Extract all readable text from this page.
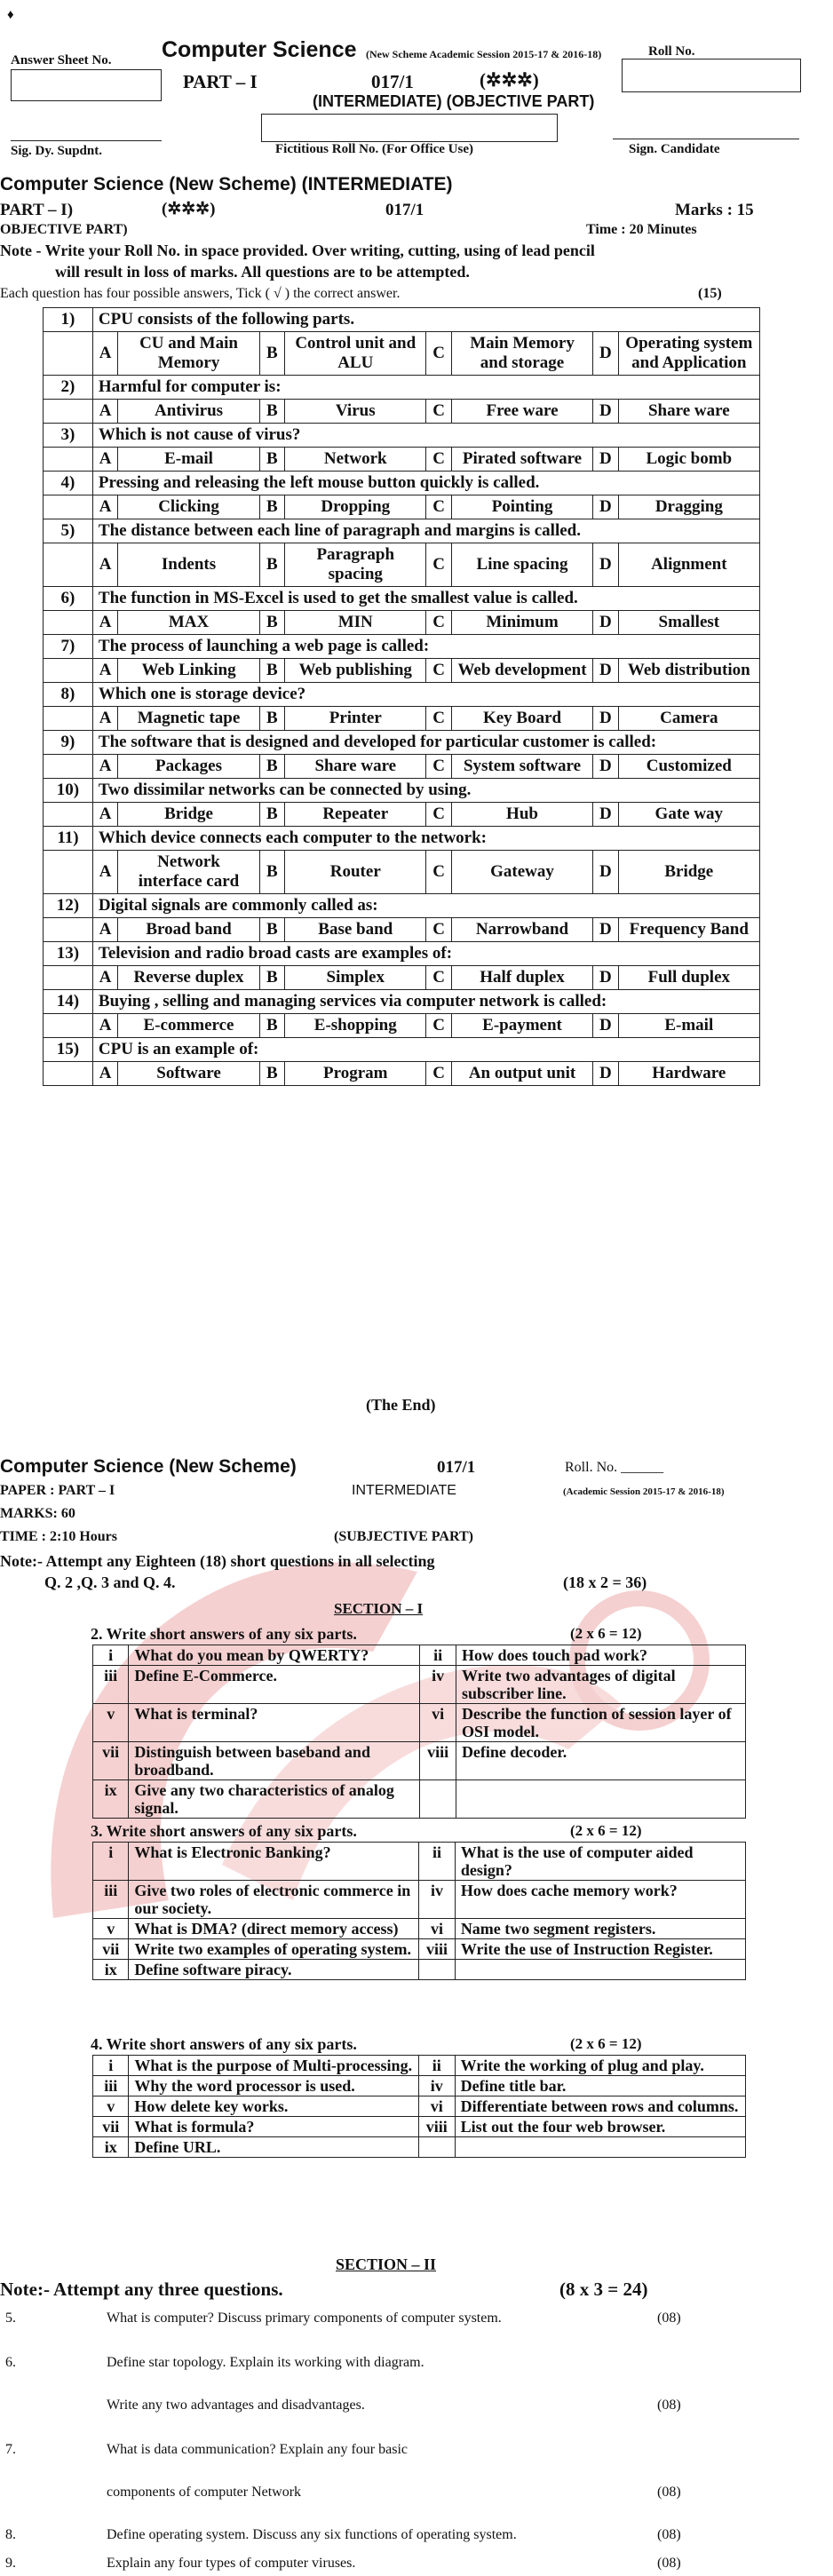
♦
Answer Sheet No. Computer Science (New Scheme Academic Session 2015-17 & 2016-18)	Roll No.
PART – I	017/1	(✲✲✲)
(INTERMEDIATE) (OBJECTIVE PART)
Sig. Dy. Supdnt.	Fictitious Roll No. (For Office Use)	Sign. Candidate
Computer Science (New Scheme) (INTERMEDIATE)
PART – I)	(✲✲✲)	017/1	Marks : 15
OBJECTIVE PART)	Time : 20 Minutes
Note - Write your Roll No. in space provided. Over writing, cutting, using of lead pencil
will result in loss of marks. All questions are to be attempted.
Each question has four possible answers, Tick ( √ ) the correct answer.	(15)
1)	CPU consists of the following parts.							
	A	CU and Main Memory	B	Control unit and ALU	C	Main Memory and storage	D	Operating system and Application
2)	Harmful for computer is:							
	A	Antivirus	B	Virus	C	Free ware	D	Share ware
3)	Which is not cause of virus?							
	A	E-mail	B	Network	C	Pirated software	D	Logic bomb
4)	Pressing and releasing the left mouse button quickly is called.							
	A	Clicking	B	Dropping	C	Pointing	D	Dragging
5)	The distance between each line of paragraph and margins is called.							
	A	Indents	B	Paragraph spacing	C	Line spacing	D	Alignment
6)	The function in MS-Excel is used to get the smallest value is called.							
	A	MAX	B	MIN	C	Minimum	D	Smallest
7)	The process of launching a web page is called:							
	A	Web Linking	B	Web publishing	C	Web development	D	Web distribution
8)	Which one is storage device?							
	A	Magnetic tape	B	Printer	C	Key Board	D	Camera
9)	The software that is designed and developed for particular customer is called:							
	A	Packages	B	Share ware	C	System software	D	Customized
10)	Two dissimilar networks can be connected by using.							
	A	Bridge	B	Repeater	C	Hub	D	Gate way
11)	Which device connects each computer to the network:							
	A	Network interface card	B	Router	C	Gateway	D	Bridge
12)	Digital signals are commonly called as:							
	A	Broad band	B	Base band	C	Narrowband	D	Frequency Band
13)	Television and radio broad casts are examples of:							
	A	Reverse duplex	B	Simplex	C	Half duplex	D	Full duplex
14)	Buying , selling and managing services via computer network is called:							
	A	E-commerce	B	E-shopping	C	E-payment	D	E-mail
15)	CPU is an example of:							
	A	Software	B	Program	C	An output unit	D	Hardware
(The End)
Computer Science (New Scheme)	017/1	Roll. No. ______
PAPER : PART – I	INTERMEDIATE	(Academic Session 2015-17 & 2016-18)
MARKS: 60
TIME : 2:10 Hours	(SUBJECTIVE PART)
Note:- Attempt any Eighteen (18) short questions in all selecting
Q. 2 ,Q. 3 and Q. 4.	(18 x 2 = 36)
SECTION – I
2. Write short answers of any six parts.	(2 x 6 = 12)
i	What do you mean by QWERTY?	ii	How does touch pad work?
iii	Define E-Commerce.	iv	Write two advantages of digital subscriber line.
v	What is terminal?	vi	Describe the function of session layer of OSI model.
vii	Distinguish between baseband and broadband.	viii	Define decoder.
ix	Give any two characteristics of analog signal.		
3. Write short answers of any six parts.	(2 x 6 = 12)
i	What is Electronic Banking?	ii	What is the use of computer aided design?
iii	Give two roles of electronic commerce in our society.	iv	How does cache memory work?
v	What is DMA? (direct memory access)	vi	Name two segment registers.
vii	Write two examples of operating system.	viii	Write the use of Instruction Register.
ix	Define software piracy.		
4. Write short answers of any six parts.	(2 x 6 = 12)
i	What is the purpose of Multi-processing.	ii	Write the working of plug and play.
iii	Why the word processor is used.	iv	Define title bar.
v	How delete key works.	vi	Differentiate between rows and columns.
vii	What is formula?	viii	List out the four web browser.
ix	Define URL.		
SECTION – II
Note:- Attempt any three questions.	(8 x 3 = 24)
5.	What is computer? Discuss primary components of computer system.	(08)
6.	Define star topology. Explain its working with diagram.
Write any two advantages and disadvantages.	(08)
7.	What is data communication? Explain any four basic
components of computer Network	(08)
8.	Define operating system. Discuss any six functions of operating system.	(08)
9.	Explain any four types of computer viruses.	(08)
